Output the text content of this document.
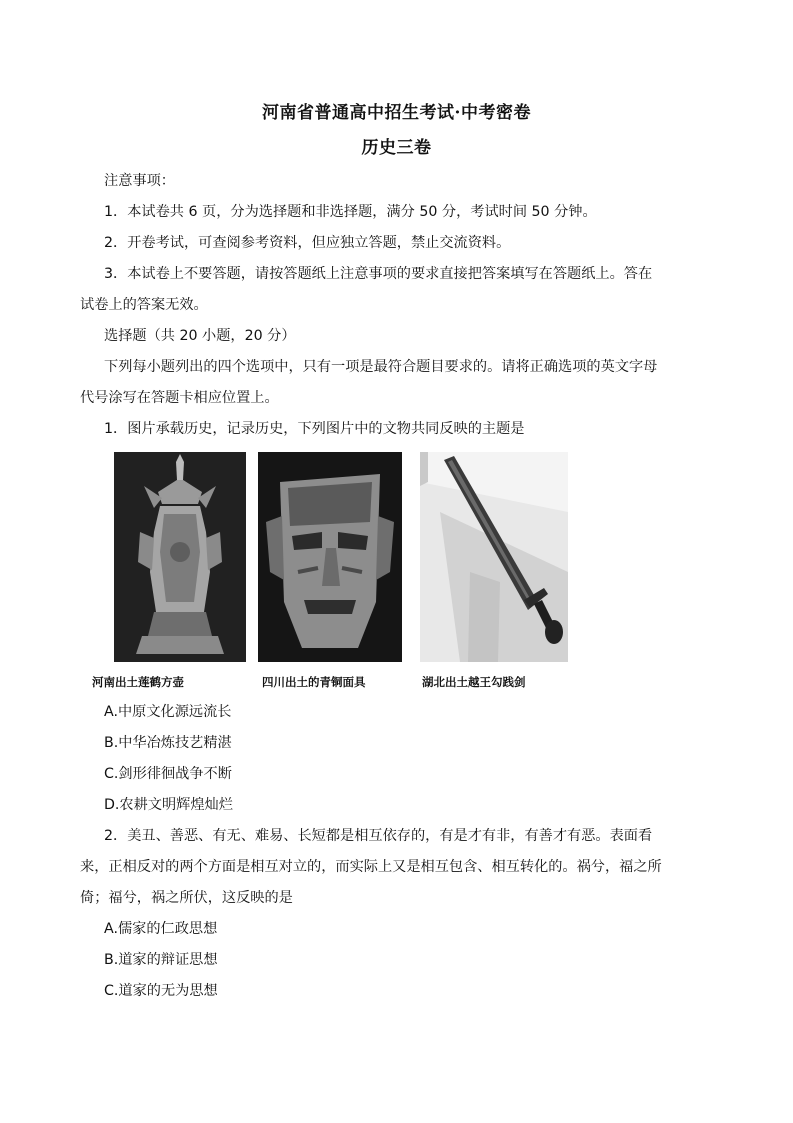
河南省普通高中招生考试·中考密卷
历史三卷
注意事项：
1．本试卷共 6 页，分为选择题和非选择题，满分 50 分，考试时间 50 分钟。
2．开卷考试，可查阅参考资料，但应独立答题，禁止交流资料。
3．本试卷上不要答题，请按答题纸上注意事项的要求直接把答案填写在答题纸上。答在
试卷上的答案无效。
选择题（共 20 小题，20 分）
下列每小题列出的四个选项中，只有一项是最符合题目要求的。请将正确选项的英文字母
代号涂写在答题卡相应位置上。
1．图片承载历史，记录历史，下列图片中的文物共同反映的主题是
河南出土莲鹤方壶	四川出土的青铜面具	湖北出土越王勾践剑
A.中原文化源远流长
B.中华冶炼技艺精湛
C.剑形徘徊战争不断
D.农耕文明辉煌灿烂
2．美丑、善恶、有无、难易、长短都是相互依存的，有是才有非，有善才有恶。表面看
来，正相反对的两个方面是相互对立的，而实际上又是相互包含、相互转化的。祸兮，福之所
倚；福兮，祸之所伏，这反映的是
A.儒家的仁政思想
B.道家的辩证思想
C.道家的无为思想
